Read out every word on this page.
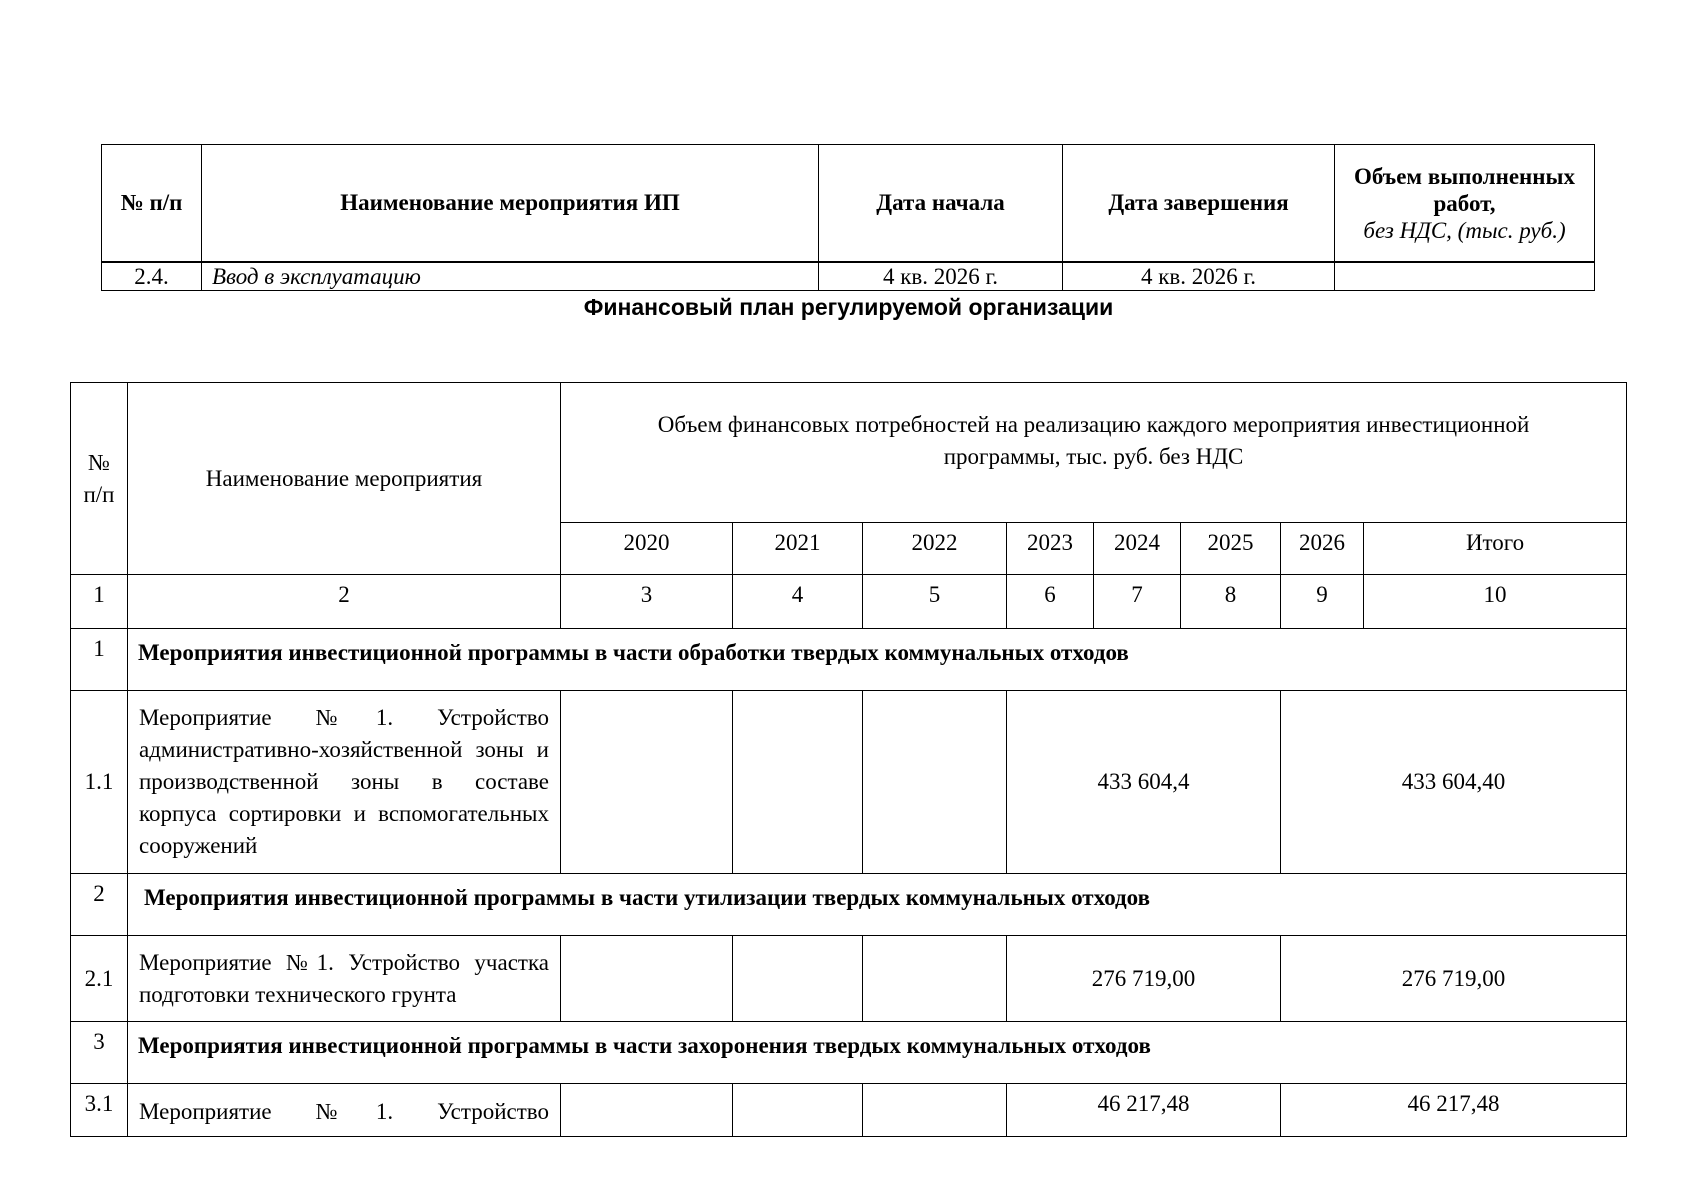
№ п/п	Наименование мероприятия ИП	Дата начала	Дата завершения	Объем выполненных
работ,
без НДС, (тыс. руб.)

2.4.	Ввод в эксплуатацию	4 кв. 2026 г.	4 кв. 2026 г.	
Финансовый план регулируемой организации
№ п/п	Наименование мероприятия	Объем финансовых потребностей на реализацию каждого мероприятия инвестиционной программы, тыс. руб. без НДС							
		2020	2021	2022	2023	2024	2025	2026	Итого
1	2	3	4	5	6	7	8	9	10
1	Мероприятия инвестиционной программы в части обработки твердых коммунальных отходов								
1.1	Мероприятие №1. Устройство административно-хозяйственной зоны и производственной зоны в составе корпуса сортировки и вспомогательных сооружений				433 604,4			433 604,40	
2	Мероприятия инвестиционной программы в части утилизации твердых коммунальных отходов								
2.1	Мероприятие №1. Устройство участка подготовки технического грунта				276 719,00			276 719,00	
3	Мероприятия инвестиционной программы в части захоронения твердых коммунальных отходов								
3.1	Мероприятие №1. Устройство				46 217,48			46 217,48	
